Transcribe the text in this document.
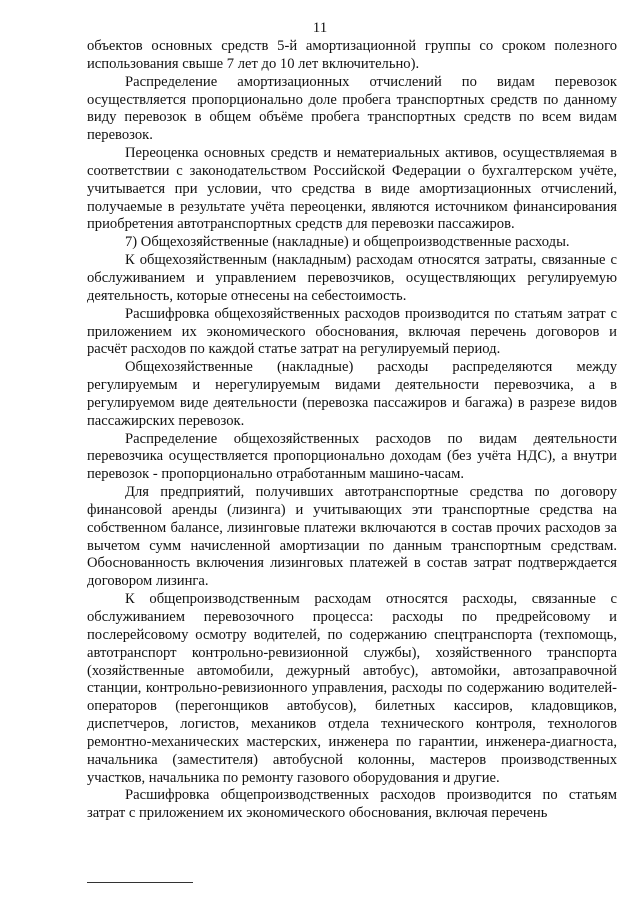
11

объектов основных средств 5-й амортизационной группы со сроком полезного использования свыше 7 лет до 10 лет включительно).

Распределение амортизационных отчислений по видам перевозок осуществляется пропорционально доле пробега транспортных средств по данному виду перевозок в общем объёме пробега транспортных средств по всем видам перевозок.

Переоценка основных средств и нематериальных активов, осуществляемая в соответствии с законодательством Российской Федерации о бухгалтерском учёте, учитывается при условии, что средства в виде амортизационных отчислений, получаемые в результате учёта переоценки, являются источником финансирования приобретения автотранспортных средств для перевозки пассажиров.

7) Общехозяйственные (накладные) и общепроизводственные расходы.

К общехозяйственным (накладным) расходам относятся затраты, связанные с обслуживанием и управлением перевозчиков, осуществляющих регулируемую деятельность, которые отнесены на себестоимость.

Расшифровка общехозяйственных расходов производится по статьям затрат с приложением их экономического обоснования, включая перечень договоров и расчёт расходов по каждой статье затрат на регулируемый период.

Общехозяйственные (накладные) расходы распределяются между регулируемым и нерегулируемым видами деятельности перевозчика, а в регулируемом виде деятельности (перевозка пассажиров и багажа) в разрезе видов пассажирских перевозок.

Распределение общехозяйственных расходов по видам деятельности перевозчика осуществляется пропорционально доходам (без учёта НДС), а внутри перевозок - пропорционально отработанным машино-часам.

Для предприятий, получивших автотранспортные средства по договору финансовой аренды (лизинга) и учитывающих эти транспортные средства на собственном балансе, лизинговые платежи включаются в состав прочих расходов за вычетом сумм начисленной амортизации по данным транспортным средствам. Обоснованность включения лизинговых платежей в состав затрат подтверждается договором лизинга.

К общепроизводственным расходам относятся расходы, связанные с обслуживанием перевозочного процесса: расходы по предрейсовому и послерейсовому осмотру водителей, по содержанию спецтранспорта (техпомощь, автотранспорт контрольно-ревизионной службы), хозяйственного транспорта (хозяйственные автомобили, дежурный автобус), автомойки, автозаправочной станции, контрольно-ревизионного управления, расходы по содержанию водителей-операторов (перегонщиков автобусов), билетных кассиров, кладовщиков, диспетчеров, логистов, механиков отдела технического контроля, технологов ремонтно-механических мастерских, инженера по гарантии, инженера-диагноста, начальника (заместителя) автобусной колонны, мастеров производственных участков, начальника по ремонту газового оборудования и другие.

Расшифровка общепроизводственных расходов производится по статьям затрат с приложением их экономического обоснования, включая перечень
